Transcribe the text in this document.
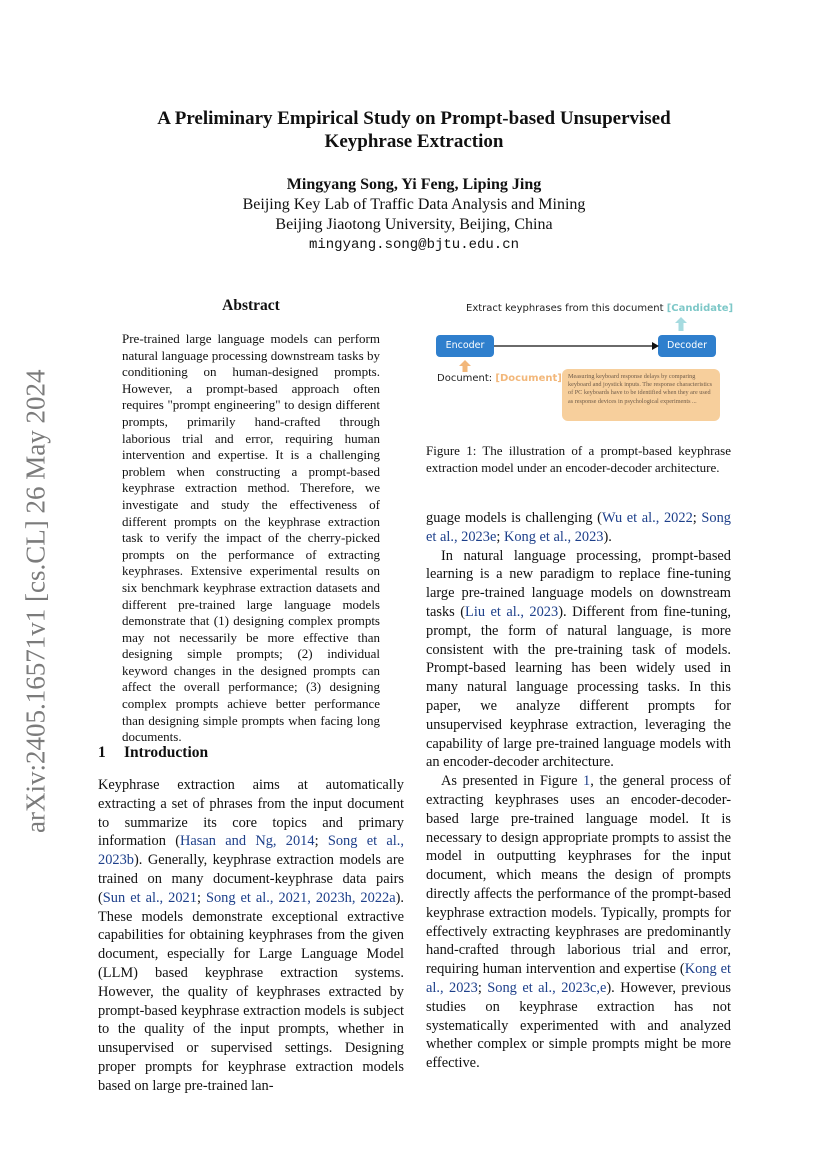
arXiv:2405.16571v1 [cs.CL] 26 May 2024
A Preliminary Empirical Study on Prompt-based Unsupervised
Keyphrase Extraction
Mingyang Song, Yi Feng, Liping Jing
Beijing Key Lab of Traffic Data Analysis and Mining
Beijing Jiaotong University, Beijing, China
mingyang.song@bjtu.edu.cn
Abstract
Pre-trained large language models can perform natural language processing downstream tasks by conditioning on human-designed prompts. However, a prompt-based approach often requires "prompt engineering" to design different prompts, primarily hand-crafted through laborious trial and error, requiring human intervention and expertise. It is a challenging problem when constructing a prompt-based keyphrase extraction method. Therefore, we investigate and study the effectiveness of different prompts on the keyphrase extraction task to verify the impact of the cherry-picked prompts on the performance of extracting keyphrases. Extensive experimental results on six benchmark keyphrase extraction datasets and different pre-trained large language models demonstrate that (1) designing complex prompts may not necessarily be more effective than designing simple prompts; (2) individual keyword changes in the designed prompts can affect the overall performance; (3) designing complex prompts achieve better performance than designing simple prompts when facing long documents.
1 Introduction

Keyphrase extraction aims at automatically extracting a set of phrases from the input document to summarize its core topics and primary information (Hasan and Ng, 2014; Song et al., 2023b). Generally, keyphrase extraction models are trained on many document-keyphrase data pairs (Sun et al., 2021; Song et al., 2021, 2023h, 2022a). These models demonstrate exceptional extractive capabilities for obtaining keyphrases from the given document, especially for Large Language Model (LLM) based keyphrase extraction systems. However, the quality of keyphrases extracted by prompt-based keyphrase extraction models is subject to the quality of the input prompts, whether in unsupervised or supervised settings. Designing proper prompts for keyphrase extraction models based on large pre-trained lan-

Extract keyphrases from this document [Candidate]
Encoder	Decoder
Document: [Document] Measuring keyboard response delays by comparing keyboard and joystick inputs. The response characteristics of PC keyboards have to be identified when they are used as response devices in psychological experiments ...
Figure 1: The illustration of a prompt-based keyphrase extraction model under an encoder-decoder architecture.

guage models is challenging (Wu et al., 2022; Song et al., 2023e; Kong et al., 2023).

In natural language processing, prompt-based learning is a new paradigm to replace fine-tuning large pre-trained language models on downstream tasks (Liu et al., 2023). Different from fine-tuning, prompt, the form of natural language, is more consistent with the pre-training task of models. Prompt-based learning has been widely used in many natural language processing tasks. In this paper, we analyze different prompts for unsupervised keyphrase extraction, leveraging the capability of large pre-trained language models with an encoder-decoder architecture.

As presented in Figure 1, the general process of extracting keyphrases uses an encoder-decoder-based large pre-trained language model. It is necessary to design appropriate prompts to assist the model in outputting keyphrases for the input document, which means the design of prompts directly affects the performance of the prompt-based keyphrase extraction models. Typically, prompts for effectively extracting keyphrases are predominantly hand-crafted through laborious trial and error, requiring human intervention and expertise (Kong et al., 2023; Song et al., 2023c,e). However, previous studies on keyphrase extraction has not systematically experimented with and analyzed whether complex or simple prompts might be more effective.
